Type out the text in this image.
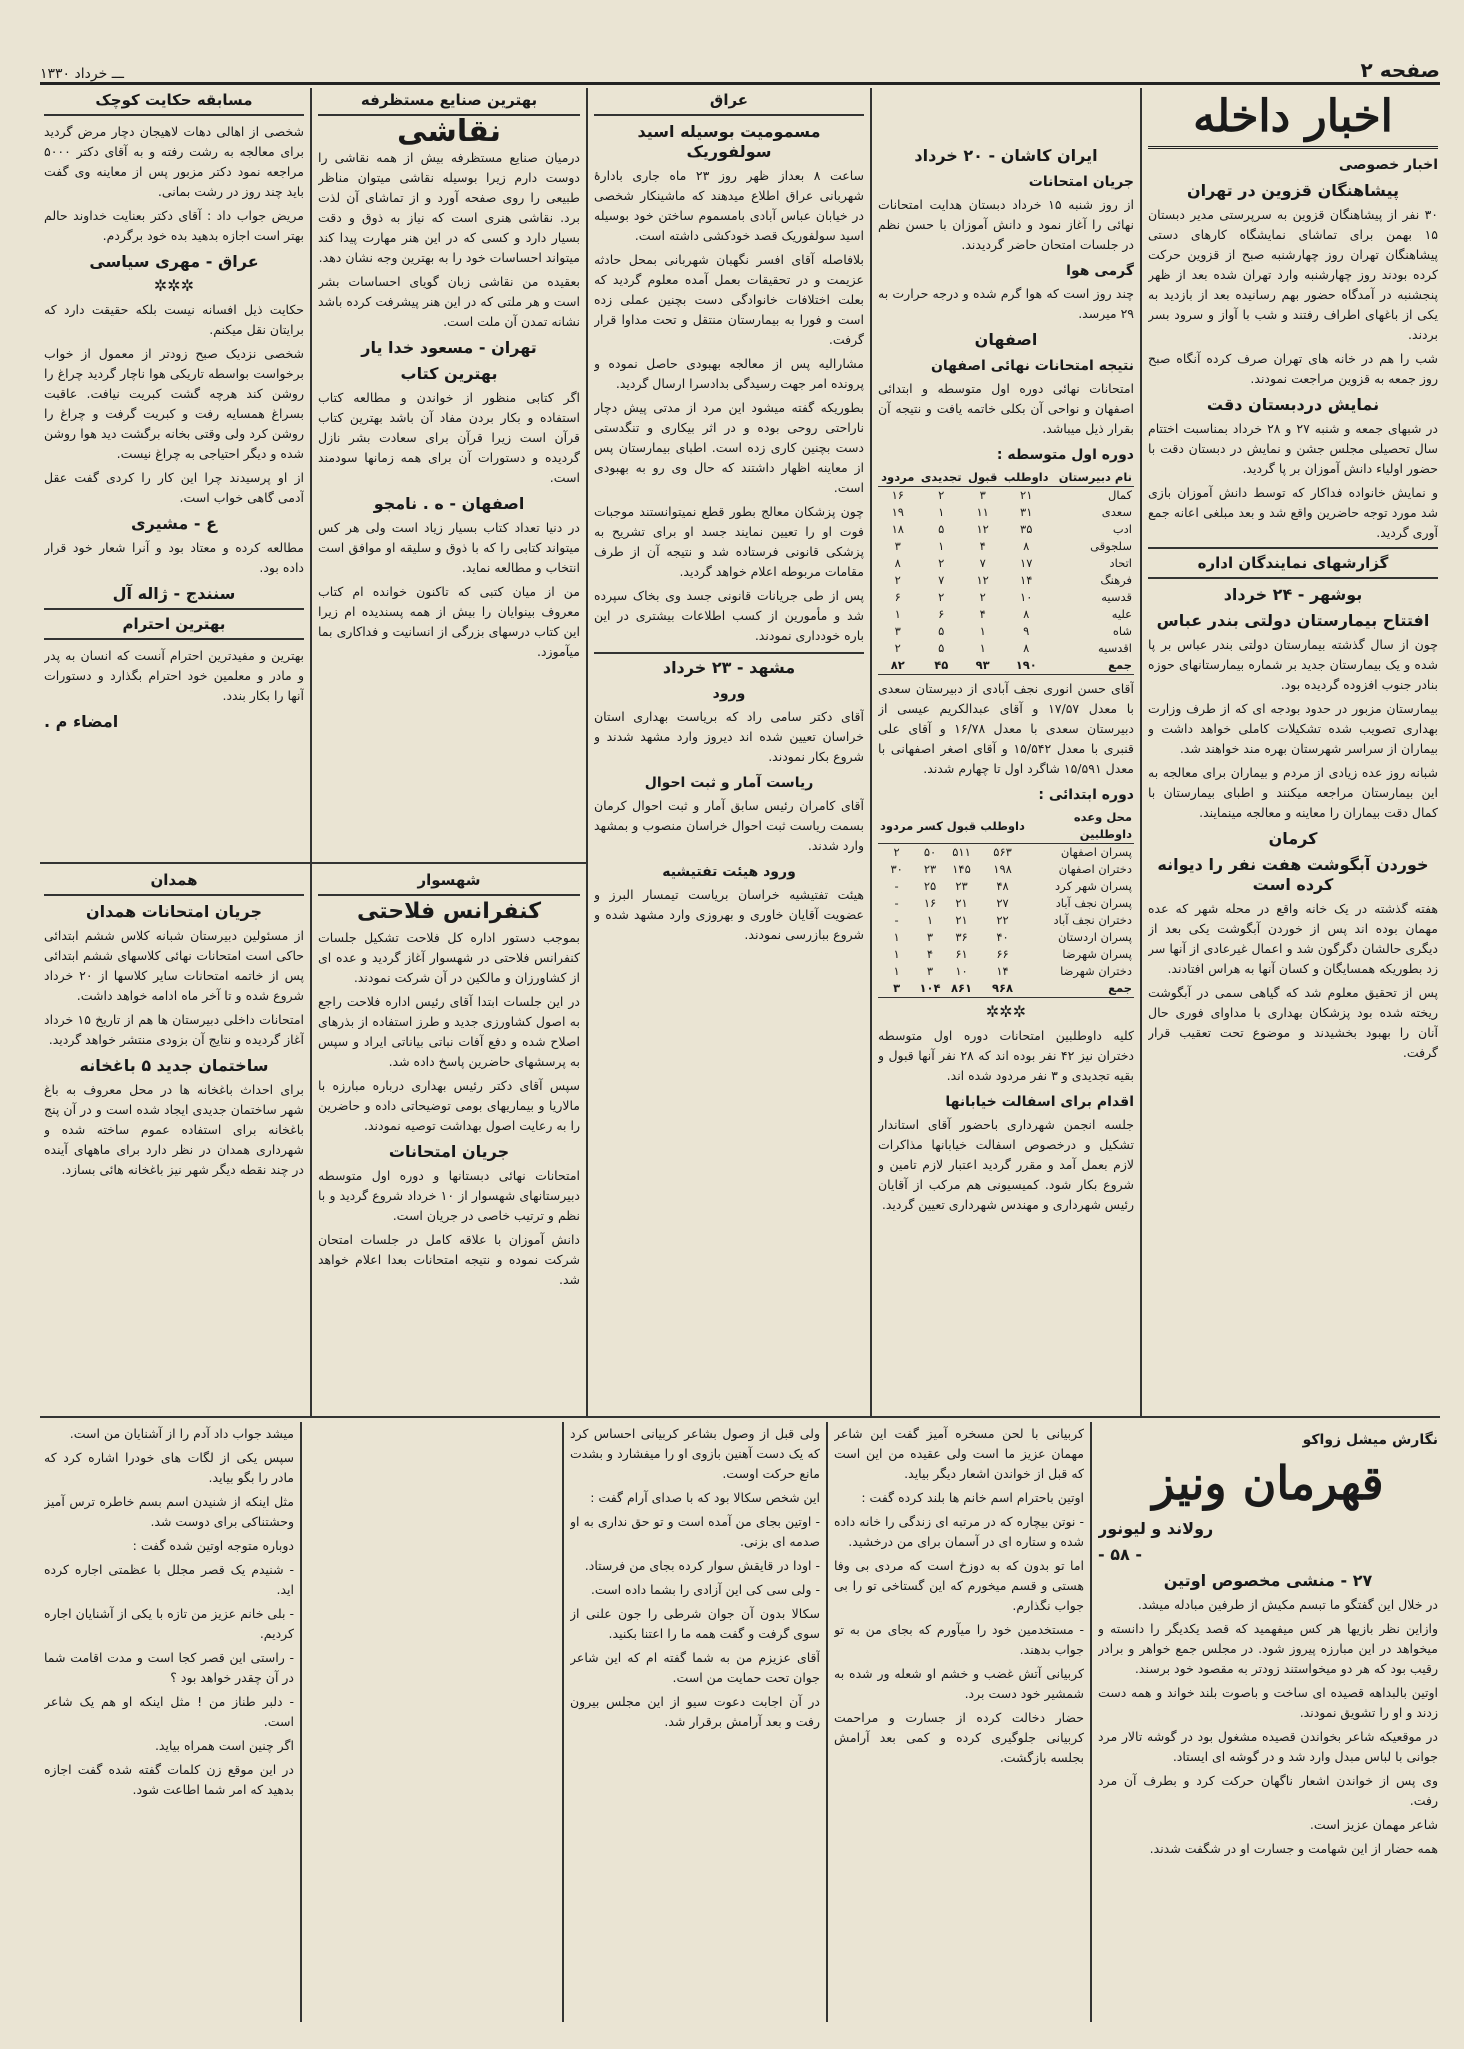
صفحه ۲
ـــ خرداد ۱۳۳۰
اخبار داخله
اخبار خصوصی
پیشاهنگان قزوین در تهران

۳۰ نفر از پیشاهنگان قزوین به سرپرستی مدیر دبستان ۱۵ بهمن برای تماشای نمایشگاه کارهای دستی پیشاهنگان تهران روز چهارشنبه صبح از قزوین حرکت کرده بودند روز چهارشنبه وارد تهران شده بعد از ظهر پنجشنبه در آمدگاه حضور بهم رسانیده بعد از بازدید به یکی از باغهای اطراف رفتند و شب با آواز و سرود بسر بردند.

شب را هم در خانه های تهران صرف کرده آنگاه صبح روز جمعه به قزوین مراجعت نمودند.

نمایش دردبستان دقت

در شبهای جمعه و شنبه ۲۷ و ۲۸ خرداد بمناسبت اختتام سال تحصیلی مجلس جشن و نمایش در دبستان دقت با حضور اولیاء دانش آموزان بر پا گردید.

و نمایش خانواده فداکار که توسط دانش آموزان بازی شد مورد توجه حاضرین واقع شد و بعد مبلغی اعانه جمع آوری گردید.

گزارشهای نمایندگان اداره
بوشهر - ۲۴ خرداد
افتتاح بیمارستان دولتی بندر عباس

چون از سال گذشته بیمارستان دولتی بندر عباس بر پا شده و یک بیمارستان جدید بر شماره بیمارستانهای حوزه بنادر جنوب افزوده گردیده بود.

بیمارستان مزبور در حدود بودجه ای که از طرف وزارت بهداری تصویب شده تشکیلات کاملی خواهد داشت و بیماران از سراسر شهرستان بهره مند خواهند شد.

شبانه روز عده زیادی از مردم و بیماران برای معالجه به این بیمارستان مراجعه میکنند و اطبای بیمارستان با کمال دقت بیماران را معاینه و معالجه مینمایند.

کرمان
خوردن آبگوشت هفت نفر را دیوانه کرده است

هفته گذشته در یک خانه واقع در محله شهر که عده مهمان بوده اند پس از خوردن آبگوشت یکی بعد از دیگری حالشان دگرگون شد و اعمال غیرعادی از آنها سر زد بطوریکه همسایگان و کسان آنها به هراس افتادند.

پس از تحقیق معلوم شد که گیاهی سمی در آبگوشت ریخته شده بود پزشکان بهداری با مداوای فوری حال آنان را بهبود بخشیدند و موضوع تحت تعقیب قرار گرفت.

ایران کاشان - ۲۰ خرداد
جریان امتحانات

از روز شنبه ۱۵ خرداد دبستان هدایت امتحانات نهائی را آغاز نمود و دانش آموزان با حسن نظم در جلسات امتحان حاضر گردیدند.

گرمی هوا

چند روز است که هوا گرم شده و درجه حرارت به ۲۹ میرسد.

اصفهان
نتیجه امتحانات نهائی اصفهان

امتحانات نهائی دوره اول متوسطه و ابتدائی اصفهان و نواحی آن بکلی خاتمه یافت و نتیجه آن بقرار ذیل میباشد.

دوره اول متوسطه :
نام دبیرستان	داوطلب	قبول	تجدیدی	مردود
کمال	۲۱	۳	۲	۱۶
سعدی	۳۱	۱۱	۱	۱۹
ادب	۳۵	۱۲	۵	۱۸
سلجوقی	۸	۴	۱	۳
اتحاد	۱۷	۷	۲	۸
فرهنگ	۱۴	۱۲	۷	۲
قدسیه	۱۰	۲	۲	۶
علیه	۸	۴	۶	۱
شاه	۹	۱	۵	۳
اقدسیه	۸	۱	۵	۲
جمع	۱۹۰	۹۳	۴۵	۸۲

آقای حسن انوری نجف آبادی از دبیرستان سعدی با معدل ۱۷/۵۷ و آقای عبدالکریم عیسی از دبیرستان سعدی با معدل ۱۶/۷۸ و آقای علی قنبری با معدل ۱۵/۵۴۲ و آقای اصغر اصفهانی با معدل ۱۵/۵۹۱ شاگرد اول تا چهارم شدند.

دوره ابتدائی :
محل وعده داوطلبین	داوطلب	قبول	کسر	مردود
پسران اصفهان	۵۶۳	۵۱۱	۵۰	۲
دختران اصفهان	۱۹۸	۱۴۵	۲۳	۳۰
پسران شهر کرد	۴۸	۲۳	۲۵	-
پسران نجف آباد	۲۷	۲۱	۱۶	-
دختران نجف آباد	۲۲	۲۱	۱	-
پسران اردستان	۴۰	۳۶	۳	۱
پسران شهرضا	۶۶	۶۱	۴	۱
دختران شهرضا	۱۴	۱۰	۳	۱
جمع	۹۶۸	۸۶۱	۱۰۴	۳
✲✲✲

کلیه داوطلبین امتحانات دوره اول متوسطه دختران نیز ۴۲ نفر بوده اند که ۲۸ نفر آنها قبول و بقیه تجدیدی و ۳ نفر مردود شده اند.

اقدام برای اسفالت خیابانها

جلسه انجمن شهرداری باحضور آقای استاندار تشکیل و درخصوص اسفالت خیابانها مذاکرات لازم بعمل آمد و مقرر گردید اعتبار لازم تامین و شروع بکار شود. کمیسیونی هم مرکب از آقایان رئیس شهرداری و مهندس شهرداری تعیین گردید.

عراق
مسمومیت بوسیله اسید سولفوریک

ساعت ۸ بعداز ظهر روز ۲۳ ماه جاری بادارۀ شهربانی عراق اطلاع میدهند که ماشینکار شخصی در خیابان عباس آبادی بامسموم ساختن خود بوسیله اسید سولفوریک قصد خودکشی داشته است.

بلافاصله آقای افسر نگهبان شهربانی بمحل حادثه عزیمت و در تحقیقات بعمل آمده معلوم گردید که بعلت اختلافات خانوادگی دست بچنین عملی زده است و فورا به بیمارستان منتقل و تحت مداوا قرار گرفت.

مشارالیه پس از معالجه بهبودی حاصل نموده و پرونده امر جهت رسیدگی بدادسرا ارسال گردید.

بطوریکه گفته میشود این مرد از مدتی پیش دچار ناراحتی روحی بوده و در اثر بیکاری و تنگدستی دست بچنین کاری زده است. اطبای بیمارستان پس از معاینه اظهار داشتند که حال وی رو به بهبودی است.

چون پزشکان معالج بطور قطع نمیتوانستند موجبات فوت او را تعیین نمایند جسد او برای تشریح به پزشکی قانونی فرستاده شد و نتیجه آن از طرف مقامات مربوطه اعلام خواهد گردید.

پس از طی جریانات قانونی جسد وی بخاک سپرده شد و مأمورین از کسب اطلاعات بیشتری در این باره خودداری نمودند.

مشهد - ۲۳ خرداد
ورود

آقای دکتر سامی راد که بریاست بهداری استان خراسان تعیین شده اند دیروز وارد مشهد شدند و شروع بکار نمودند.

ریاست آمار و ثبت احوال

آقای کامران رئیس سابق آمار و ثبت احوال کرمان بسمت ریاست ثبت احوال خراسان منصوب و بمشهد وارد شدند.

ورود هیئت تفتیشیه

هیئت تفتیشیه خراسان بریاست تیمسار البرز و عضویت آقایان خاوری و بهروزی وارد مشهد شده و شروع ببازرسی نمودند.

بهترین صنایع مستظرفه
نقاشی

درمیان صنایع مستظرفه بیش از همه نقاشی را دوست دارم زیرا بوسیله نقاشی میتوان مناظر طبیعی را روی صفحه آورد و از تماشای آن لذت برد. نقاشی هنری است که نیاز به ذوق و دقت بسیار دارد و کسی که در این هنر مهارت پیدا کند میتواند احساسات خود را به بهترین وجه نشان دهد.

بعقیده من نقاشی زبان گویای احساسات بشر است و هر ملتی که در این هنر پیشرفت کرده باشد نشانه تمدن آن ملت است.

تهران - مسعود خدا یار
بهترین کتاب

اگر کتابی منظور از خواندن و مطالعه کتاب استفاده و بکار بردن مفاد آن باشد بهترین کتاب قرآن است زیرا قرآن برای سعادت بشر نازل گردیده و دستورات آن برای همه زمانها سودمند است.

اصفهان - ه . نامجو

در دنیا تعداد کتاب بسیار زیاد است ولی هر کس میتواند کتابی را که با ذوق و سلیقه او موافق است انتخاب و مطالعه نماید.

من از میان کتبی که تاکنون خوانده ام کتاب معروف بینوایان را بیش از همه پسندیده ام زیرا این کتاب درسهای بزرگی از انسانیت و فداکاری بما میآموزد.

مسابقه حکایت کوچک

شخصی از اهالی دهات لاهیجان دچار مرض گردید برای معالجه به رشت رفته و به آقای دکتر ۵۰۰۰ مراجعه نمود دکتر مزبور پس از معاینه وی گفت باید چند روز در رشت بمانی.

مریض جواب داد : آقای دکتر بعنایت خداوند حالم بهتر است اجازه بدهید بده خود برگردم.

عراق - مهری سیاسی
✲✲✲

حکایت ذیل افسانه نیست بلکه حقیقت دارد که برایتان نقل میکنم.

شخصی نزدیک صبح زودتر از معمول از خواب برخواست بواسطه تاریکی هوا ناچار گردید چراغ را روشن کند هرچه گشت کبریت نیافت. عاقبت بسراغ همسایه رفت و کبریت گرفت و چراغ را روشن کرد ولی وقتی بخانه برگشت دید هوا روشن شده و دیگر احتیاجی به چراغ نیست.

از او پرسیدند چرا این کار را کردی گفت عقل آدمی گاهی خواب است.

ع - مشیری

مطالعه کرده و معتاد بود و آنرا شعار خود قرار داده بود.

سنندج - ژاله آل
بهترین احترام

بهترین و مفیدترین احترام آنست که انسان به پدر و مادر و معلمین خود احترام بگذارد و دستورات آنها را بکار بندد.

امضاء م .
شهسوار
کنفرانس فلاحتی

بموجب دستور اداره کل فلاحت تشکیل جلسات کنفرانس فلاحتی در شهسوار آغاز گردید و عده ای از کشاورزان و مالکین در آن شرکت نمودند.

در این جلسات ابتدا آقای رئیس اداره فلاحت راجع به اصول کشاورزی جدید و طرز استفاده از بذرهای اصلاح شده و دفع آفات نباتی بیاناتی ایراد و سپس به پرسشهای حاضرین پاسخ داده شد.

سپس آقای دکتر رئیس بهداری درباره مبارزه با مالاریا و بیماریهای بومی توضیحاتی داده و حاضرین را به رعایت اصول بهداشت توصیه نمودند.

جریان امتحانات

امتحانات نهائی دبستانها و دوره اول متوسطه دبیرستانهای شهسوار از ۱۰ خرداد شروع گردید و با نظم و ترتیب خاصی در جریان است.

دانش آموزان با علاقه کامل در جلسات امتحان شرکت نموده و نتیجه امتحانات بعدا اعلام خواهد شد.

همدان
جریان امتحانات همدان

از مسئولین دبیرستان شبانه کلاس ششم ابتدائی حاکی است امتحانات نهائی کلاسهای ششم ابتدائی پس از خاتمه امتحانات سایر کلاسها از ۲۰ خرداد شروع شده و تا آخر ماه ادامه خواهد داشت.

امتحانات داخلی دبیرستان ها هم از تاریخ ۱۵ خرداد آغاز گردیده و نتایج آن بزودی منتشر خواهد گردید.

ساختمان جدید ۵ باغخانه

برای احداث باغخانه ها در محل معروف به باغ شهر ساختمان جدیدی ایجاد شده است و در آن پنج باغخانه برای استفاده عموم ساخته شده و شهرداری همدان در نظر دارد برای ماههای آینده در چند نقطه دیگر شهر نیز باغخانه هائی بسازد.

نگارش میشل زواکو
قهرمان ونیز
رولاند و لیونور
- ۵۸ -
۲۷ - منشی مخصوص اوتین

در خلال این گفتگو ما تبسم مکیش از طرفین مبادله میشد.

وازاین نظر بازیها هر کس میفهمید که قصد یکدیگر را دانسته و میخواهد در این مبارزه پیروز شود. در مجلس جمع خواهر و برادر رقیب بود که هر دو میخواستند زودتر به مقصود خود برسند.

اوتین بالبداهه قصیده ای ساخت و باصوت بلند خواند و همه دست زدند و او را تشویق نمودند.

در موقعیکه شاعر بخواندن قصیده مشغول بود در گوشه تالار مرد جوانی با لباس مبدل وارد شد و در گوشه ای ایستاد.

وی پس از خواندن اشعار ناگهان حرکت کرد و بطرف آن مرد رفت.

شاعر مهمان عزیز است.

همه حضار از این شهامت و جسارت او در شگفت شدند.

کربیانی با لحن مسخره آمیز گفت این شاعر مهمان عزیز ما است ولی عقیده من این است که قبل از خواندن اشعار دیگر بیاید.

اوتین باحترام اسم خانم ها بلند کرده گفت :

- نوتن بیچاره که در مرتبه ای زندگی را خانه داده شده و ستاره ای در آسمان برای من درخشید.

اما تو بدون که به دوزخ است که مردی بی وفا هستی و قسم میخورم که این گستاخی تو را بی جواب نگذارم.

- مستخدمین خود را میآورم که بجای من به تو جواب بدهند.

کربیانی آتش غضب و خشم او شعله ور شده به شمشیر خود دست برد.

حضار دخالت کرده از جسارت و مراحمت کربیانی جلوگیری کرده و کمی بعد آرامش بجلسه بازگشت.

ولی قبل از وصول بشاعر کربیانی احساس کرد که یک دست آهنین بازوی او را میفشارد و بشدت مانع حرکت اوست.

این شخص سکالا بود که با صدای آرام گفت :

- اوتین بجای من آمده است و تو حق نداری به او صدمه ای بزنی.

- اودا در قایقش سوار کرده بجای من فرستاد.

- ولی سی کی این آزادی را بشما داده است.

سکالا بدون آن جوان شرطی را جون علنی از سوی گرفت و گفت همه ما را اعتنا بکنید.

آقای عزیزم من به شما گفته ام که این شاعر جوان تحت حمایت من است.

در آن اجابت دعوت سیو از این مجلس بیرون رفت و بعد آرامش برقرار شد.

میشد جواب داد آدم را از آشنایان من است.

سپس یکی از لگات های خودرا اشاره کرد که مادر را بگو بیاید.

مثل اینکه از شنیدن اسم بسم خاطره ترس آمیز وحشتناکی برای دوست شد.

دوباره متوجه اوتین شده گفت :

- شنیدم یک قصر مجلل با عظمتی اجاره کرده اید.

- بلی خانم عزیز من تازه با یکی از آشنایان اجاره کردیم.

- راستی این قصر کجا است و مدت اقامت شما در آن چقدر خواهد بود ؟

- دلبر طناز من ! مثل اینکه او هم یک شاعر است.

اگر چنین است همراه بیاید.

در این موقع زن کلمات گفته شده گفت اجازه بدهید که امر شما اطاعت شود.
